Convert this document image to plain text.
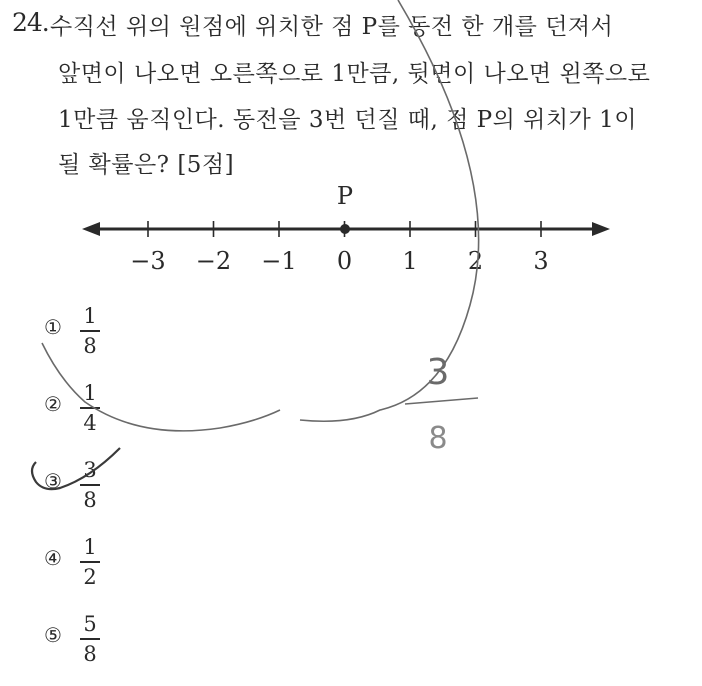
24. 수직선 위의 원점에 위치한 점 P를 동전 한 개를 던져서
앞면이 나오면 오른쪽으로 1만큼, 뒷면이 나오면 왼쪽으로
1만큼 움직인다. 동전을 3번 던질 때, 점 P의 위치가 1이
될 확률은? [5점]
−3 −2 −1 0 1 2 3
P
① 1
8
② 1
4
③ 3
8
④ 1
2
⑤ 5
8
3
8
